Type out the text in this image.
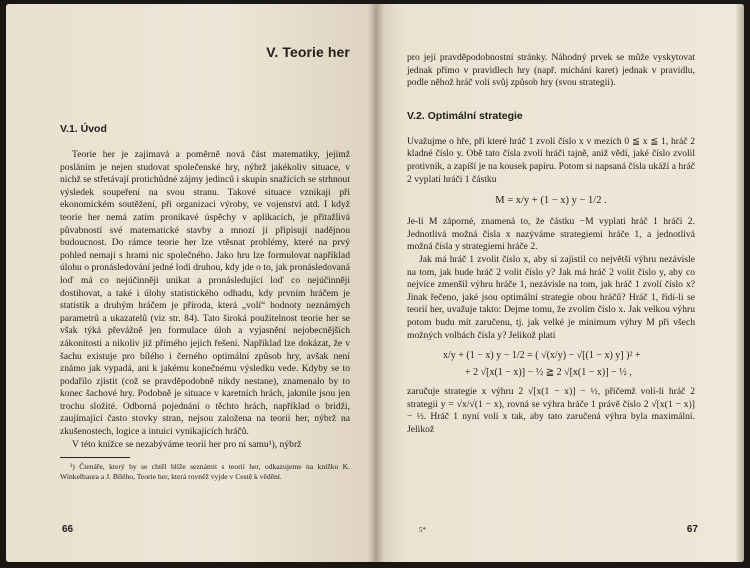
V. Teorie her
V.1. Úvod

Teorie her je zajímavá a poměrně nová část matematiky, jejímž posláním je nejen studovat společenské hry, nýbrž jakékoliv situace, v nichž se střetávají protichůdné zájmy jedinců i skupin snažících se strhnout výsledek soupeření na svou stranu. Takové situace vznikají při ekonomickém soutěžení, při organizaci výroby, ve vojenství atd. I když teorie her nemá zatím pronikavé úspěchy v aplikacích, je přitažlivá půvabností své matematické stavby a mnozí jí připisují nadějnou budoucnost. Do rámce teorie her lze vtěsnat problémy, které na prvý pohled nemají s hrami nic společného. Jako hru lze formulovat například úlohu o pronásledování jedné lodi druhou, kdy jde o to, jak pronásledovaná loď má co nejúčinněji unikat a pronásledující loď co nejúčinněji dostihovat, a také i úlohy statistického odhadu, kdy prvním hráčem je statistik a druhým hráčem je příroda, která „volí“ hodnoty neznámých parametrů a ukazatelů (viz str. 84). Tato široká použitelnost teorie her se však týká převážně jen formulace úloh a vyjasnění nejobecnějších zákonitostí a nikoliv již přímého jejich řešení. Například lze dokázat, že v šachu existuje pro bílého i černého optimální způsob hry, avšak není známo jak vypadá, ani k jakému konečnému výsledku vede. Kdyby se to podařilo zjistit (což se pravděpodobně nikdy nestane), znamenalo by to konec šachové hry. Podobně je situace v karetních hrách, jakmile jsou jen trochu složité. Odborná pojednání o těchto hrách, například o bridži, zaujímající často stovky stran, nejsou založena na teorii her, nýbrž na zkušenostech, logice a intuici vynikajících hráčů.

V této knížce se nezabýváme teorii her pro ni samu¹), nýbrž

¹) Čtenáře, který by se chtěl blíže seznámit s teorií her, odkazujeme na knížku K. Winkelbaura a J. Bílého, Teorie her, která rovněž vyjde v Cestě k vědění.

66

pro její pravděpodobnostní stránky. Náhodný prvek se může vyskytovat jednak přímo v pravidlech hry (např. míchání karet) jednak v pravidlu, podle něhož hráč volí svůj způsob hry (svou strategii).

V.2. Optimální strategie

Uvažujme o hře, při které hráč 1 zvolí číslo x v mezích 0 ≦ x ≦ 1, hráč 2 kladné číslo y. Obě tato čísla zvolí hráči tajně, aniž vědí, jaké číslo zvolil protivník, a zapíší je na kousek papíru. Potom si napsaná čísla ukáží a hráč 2 vyplatí hráči 1 částku

M = x/y + (1 − x) y − 1/2 .

Je-li M záporné, znamená to, že částku −M vyplatí hráč 1 hráči 2. Jednotlivá možná čísla x nazýváme strategiemi hráče 1, a jednotlivá možná čísla y strategiemi hráče 2.

Jak má hráč 1 zvolit číslo x, aby si zajistil co největší výhru nezávisle na tom, jak bude hráč 2 volit číslo y? Jak má hráč 2 volit číslo y, aby co nejvíce zmenšil výhru hráče 1, nezávisle na tom, jak hráč 1 zvolí číslo x? Jinak řečeno, jaké jsou optimální strategie obou hráčů? Hráč 1, řídí-li se teorií her, uvažuje takto: Dejme tomu, že zvolím číslo x. Jak velkou výhru potom budu mít zaručenu, tj. jak velké je minimum výhry M při všech možných volbách čísla y? Jelikož platí

x/y + (1 − x) y − 1/2 = ( √(x/y) − √[(1 − x) y] )² +
+ 2 √[x(1 − x)] − ½ ≧ 2 √[x(1 − x)] − ½ ,

zaručuje strategie x výhru 2 √[x(1 − x)] − ½, přičemž volí-li hráč 2 strategii y = √x/√(1 − x), rovná se výhra hráče 1 právě číslo 2 √[x(1 − x)] − ½. Hráč 1 nyní volí x tak, aby tato zaručená výhra byla maximální. Jelikož

5*	67
